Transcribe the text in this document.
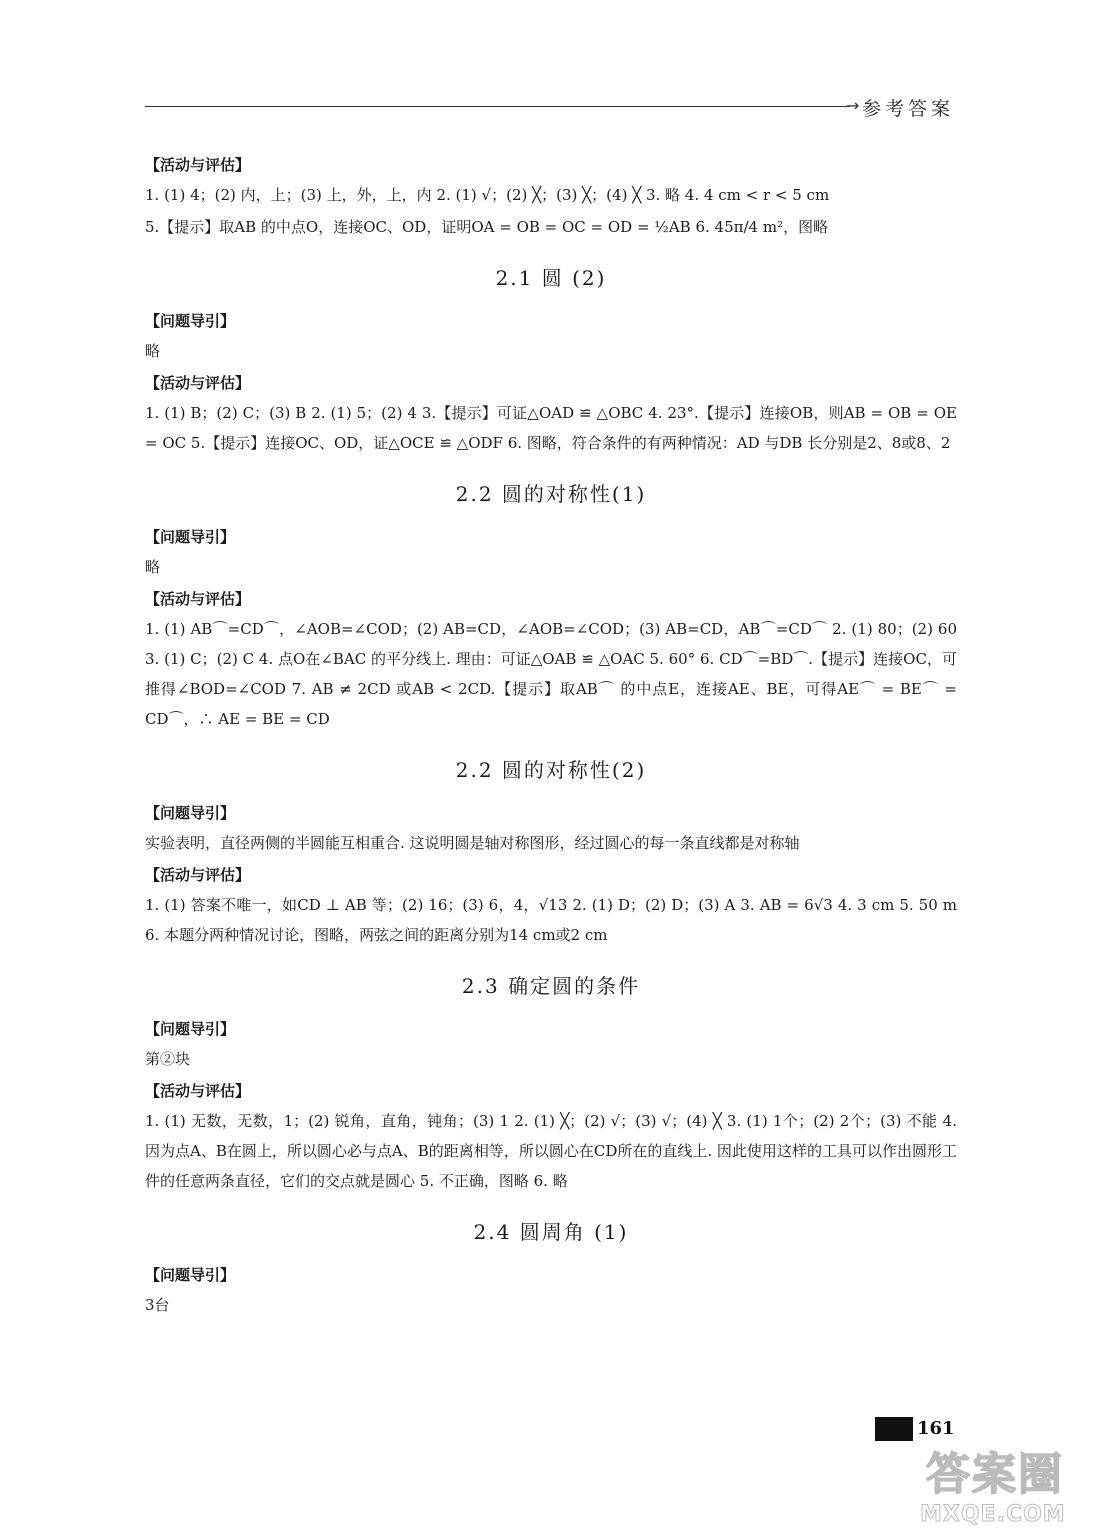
→ 参考答案
【活动与评估】

1. (1) 4；(2) 内，上；(3) 上，外，上，内 2. (1) √；(2) ╳；(3) ╳；(4) ╳ 3. 略 4. 4 cm < r < 5 cm

5.【提示】取AB 的中点O，连接OC、OD，证明OA = OB = OC = OD = ½AB 6. 45π/4 m²，图略

2.1 圆 (2)
【问题导引】

略

【活动与评估】

1. (1) B；(2) C；(3) B 2. (1) 5；(2) 4 3.【提示】可证△OAD ≌ △OBC 4. 23°.【提示】连接OB，则AB = OB = OE = OC 5.【提示】连接OC、OD，证△OCE ≌ △ODF 6. 图略，符合条件的有两种情况：AD 与DB 长分别是2、8或8、2

2.2 圆的对称性(1)
【问题导引】

略

【活动与评估】

1. (1) AB⌒=CD⌒，∠AOB=∠COD；(2) AB=CD，∠AOB=∠COD；(3) AB=CD，AB⌒=CD⌒ 2. (1) 80；(2) 60 3. (1) C；(2) C 4. 点O在∠BAC 的平分线上. 理由：可证△OAB ≌ △OAC 5. 60° 6. CD⌒=BD⌒.【提示】连接OC，可推得∠BOD=∠COD 7. AB ≠ 2CD 或AB < 2CD.【提示】取AB⌒ 的中点E，连接AE、BE，可得AE⌒ = BE⌒ = CD⌒，∴ AE = BE = CD

2.2 圆的对称性(2)
【问题导引】

实验表明，直径两侧的半圆能互相重合. 这说明圆是轴对称图形，经过圆心的每一条直线都是对称轴

【活动与评估】

1. (1) 答案不唯一，如CD ⊥ AB 等；(2) 16；(3) 6，4，√13 2. (1) D；(2) D；(3) A 3. AB = 6√3 4. 3 cm 5. 50 m 6. 本题分两种情况讨论，图略，两弦之间的距离分别为14 cm或2 cm

2.3 确定圆的条件
【问题导引】

第②块

【活动与评估】

1. (1) 无数，无数，1；(2) 锐角，直角，钝角；(3) 1 2. (1) ╳；(2) √；(3) √；(4) ╳ 3. (1) 1个；(2) 2个；(3) 不能 4. 因为点A、B在圆上，所以圆心必与点A、B的距离相等，所以圆心在CD所在的直线上. 因此使用这样的工具可以作出圆形工件的任意两条直径，它们的交点就是圆心 5. 不正确，图略 6. 略

2.4 圆周角 (1)
【问题导引】

3台

161
答案圈
MXQE.COM
